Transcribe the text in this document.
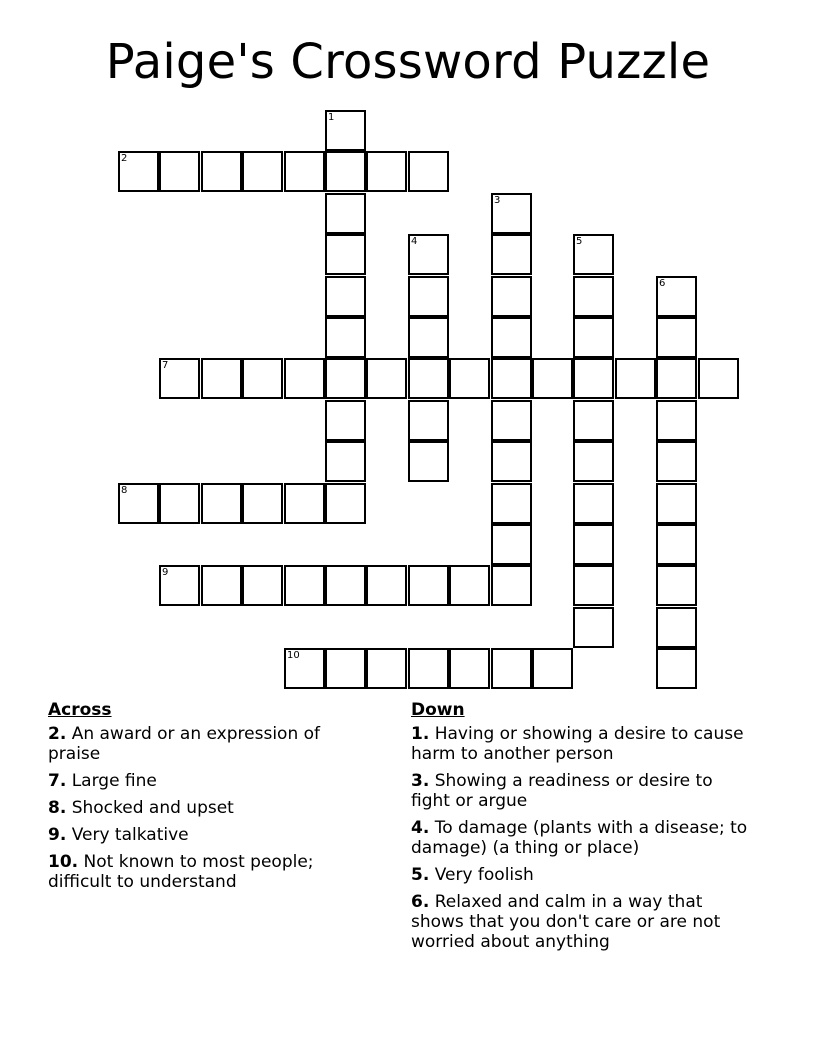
Paige's Crossword Puzzle
1
2
3
4	5
6
7
8
9
10
Across
2. An award or an expression of praise
7. Large fine
8. Shocked and upset
9. Very talkative
10. Not known to most people; difficult to understand
Down
1. Having or showing a desire to cause harm to another person
3. Showing a readiness or desire to fight or argue
4. To damage (plants with a disease; to damage) (a thing or place)
5. Very foolish
6. Relaxed and calm in a way that shows that you don't care or are not worried about anything
